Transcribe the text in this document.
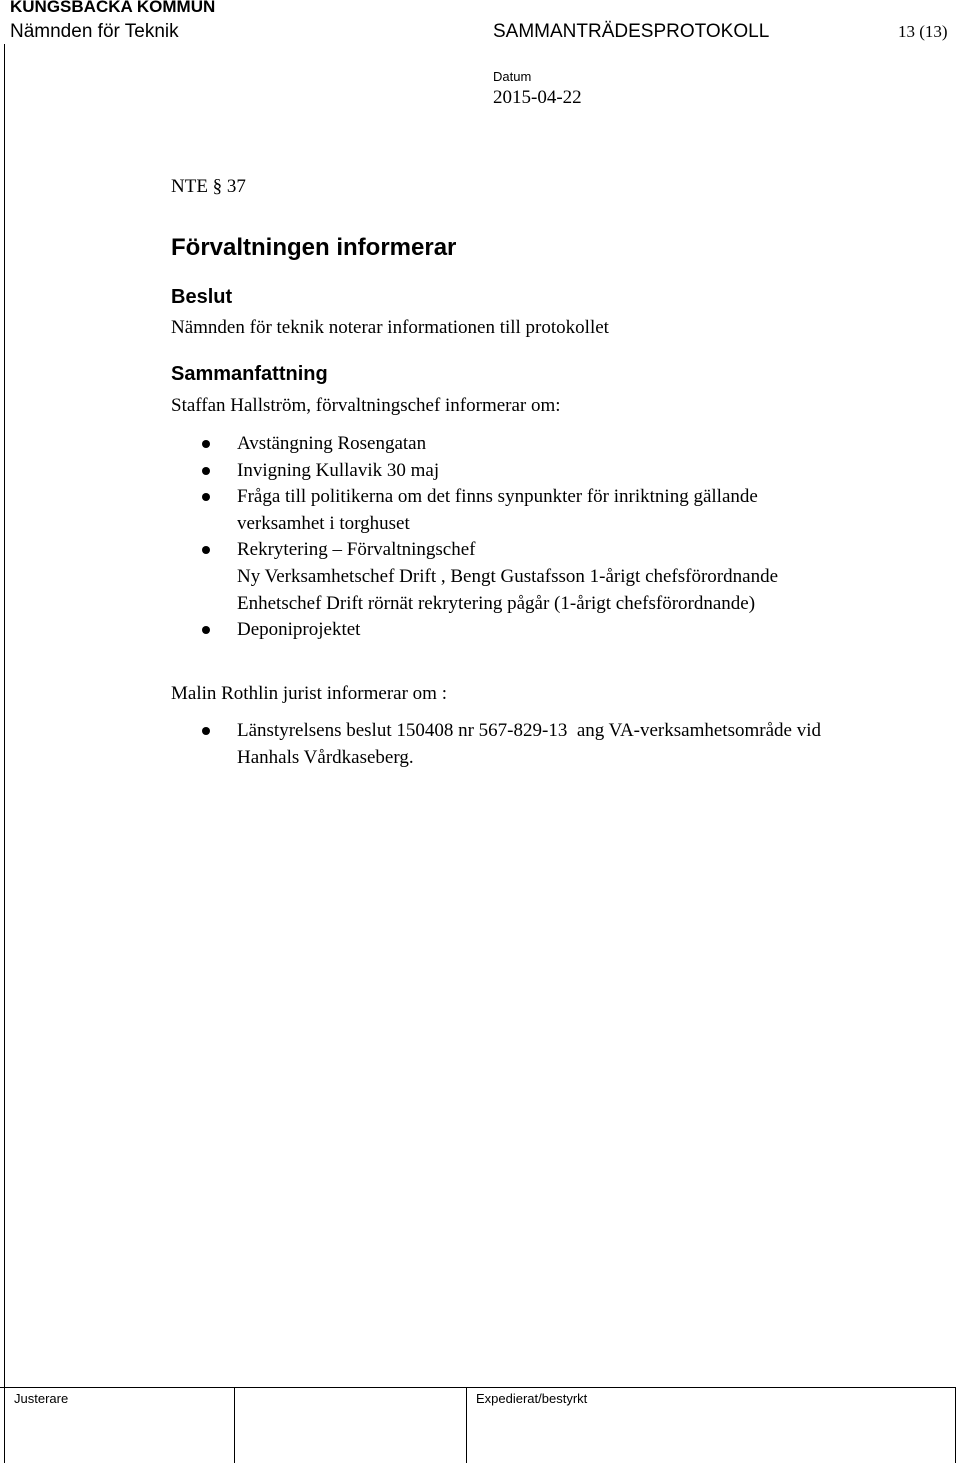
KUNGSBACKA KOMMUN
Nämnden för Teknik	SAMMANTRÄDESPROTOKOLL	13 (13)
Datum
2015-04-22
NTE § 37
Förvaltningen informerar
Beslut
Nämnden för teknik noterar informationen till protokollet
Sammanfattning
Staffan Hallström, förvaltningschef informerar om:
Avstängning Rosengatan
Invigning Kullavik 30 maj
Fråga till politikerna om det finns synpunkter för inriktning gällande
verksamhet i torghuset
Rekrytering – Förvaltningschef
Ny Verksamhetschef Drift , Bengt Gustafsson 1-årigt chefsförordnande
Enhetschef Drift rörnät rekrytering pågår (1-årigt chefsförordnande)
Deponiprojektet
Malin Rothlin jurist informerar om :
Länstyrelsens beslut 150408 nr 567-829-13  ang VA-verksamhetsområde vid
Hanhals Vårdkaseberg.
Justerare	Expedierat/bestyrkt
